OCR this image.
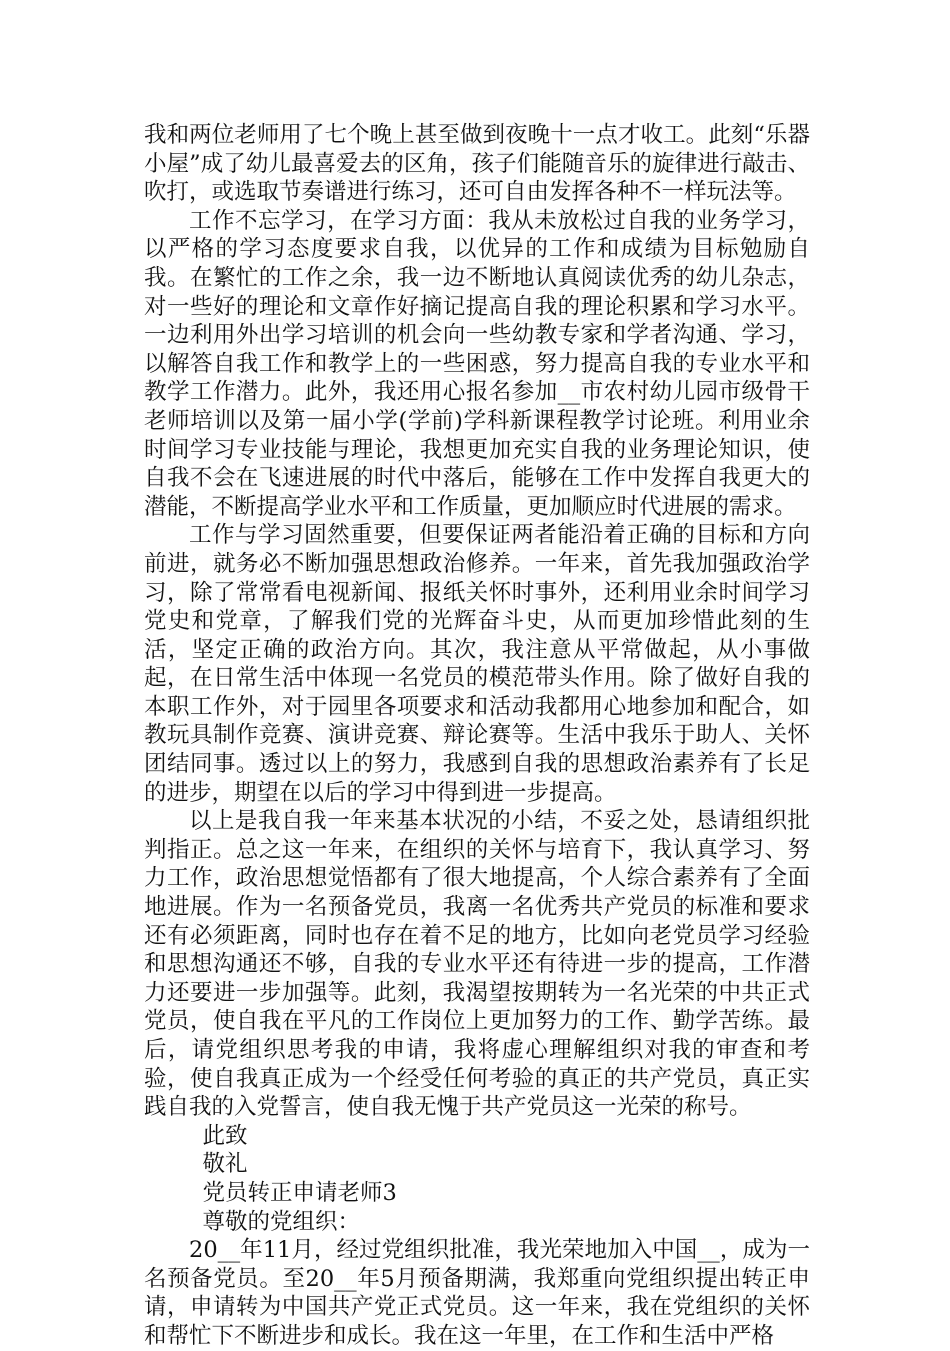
我和两位老师用了七个晚上甚至做到夜晚十一点才收工。此刻“乐器小屋”成了幼儿最喜爱去的区角，孩子们能随音乐的旋律进行敲击、吹打，或选取节奏谱进行练习，还可自由发挥各种不一样玩法等。

工作不忘学习，在学习方面：我从未放松过自我的业务学习，以严格的学习态度要求自我，以优异的工作和成绩为目标勉励自我。在繁忙的工作之余，我一边不断地认真阅读优秀的幼儿杂志，对一些好的理论和文章作好摘记提高自我的理论积累和学习水平。一边利用外出学习培训的机会向一些幼教专家和学者沟通、学习，以解答自我工作和教学上的一些困惑，努力提高自我的专业水平和教学工作潜力。此外，我还用心报名参加__市农村幼儿园市级骨干老师培训以及第一届小学(学前)学科新课程教学讨论班。利用业余时间学习专业技能与理论，我想更加充实自我的业务理论知识，使自我不会在飞速进展的时代中落后，能够在工作中发挥自我更大的潜能，不断提高学业水平和工作质量，更加顺应时代进展的需求。

工作与学习固然重要，但要保证两者能沿着正确的目标和方向前进，就务必不断加强思想政治修养。一年来，首先我加强政治学习，除了常常看电视新闻、报纸关怀时事外，还利用业余时间学习党史和党章，了解我们党的光辉奋斗史，从而更加珍惜此刻的生活，坚定正确的政治方向。其次，我注意从平常做起，从小事做起，在日常生活中体现一名党员的模范带头作用。除了做好自我的本职工作外，对于园里各项要求和活动我都用心地参加和配合，如教玩具制作竞赛、演讲竞赛、辩论赛等。生活中我乐于助人、关怀团结同事。透过以上的努力，我感到自我的思想政治素养有了长足的进步，期望在以后的学习中得到进一步提高。

以上是我自我一年来基本状况的小结，不妥之处，恳请组织批判指正。总之这一年来，在组织的关怀与培育下，我认真学习、努力工作，政治思想觉悟都有了很大地提高，个人综合素养有了全面地进展。作为一名预备党员，我离一名优秀共产党员的标准和要求还有必须距离，同时也存在着不足的地方，比如向老党员学习经验和思想沟通还不够，自我的专业水平还有待进一步的提高，工作潜力还要进一步加强等。此刻，我渴望按期转为一名光荣的中共正式党员，使自我在平凡的工作岗位上更加努力的工作、勤学苦练。最后，请党组织思考我的申请，我将虚心理解组织对我的审查和考验，使自我真正成为一个经受任何考验的真正的共产党员，真正实践自我的入党誓言，使自我无愧于共产党员这一光荣的称号。

此致

敬礼

党员转正申请老师3

尊敬的党组织：

20__年11月，经过党组织批准，我光荣地加入中国__，成为一名预备党员。至20__年5月预备期满，我郑重向党组织提出转正申请，申请转为中国共产党正式党员。这一年来，我在党组织的关怀和帮忙下不断进步和成长。我在这一年里，在工作和生活中严格
